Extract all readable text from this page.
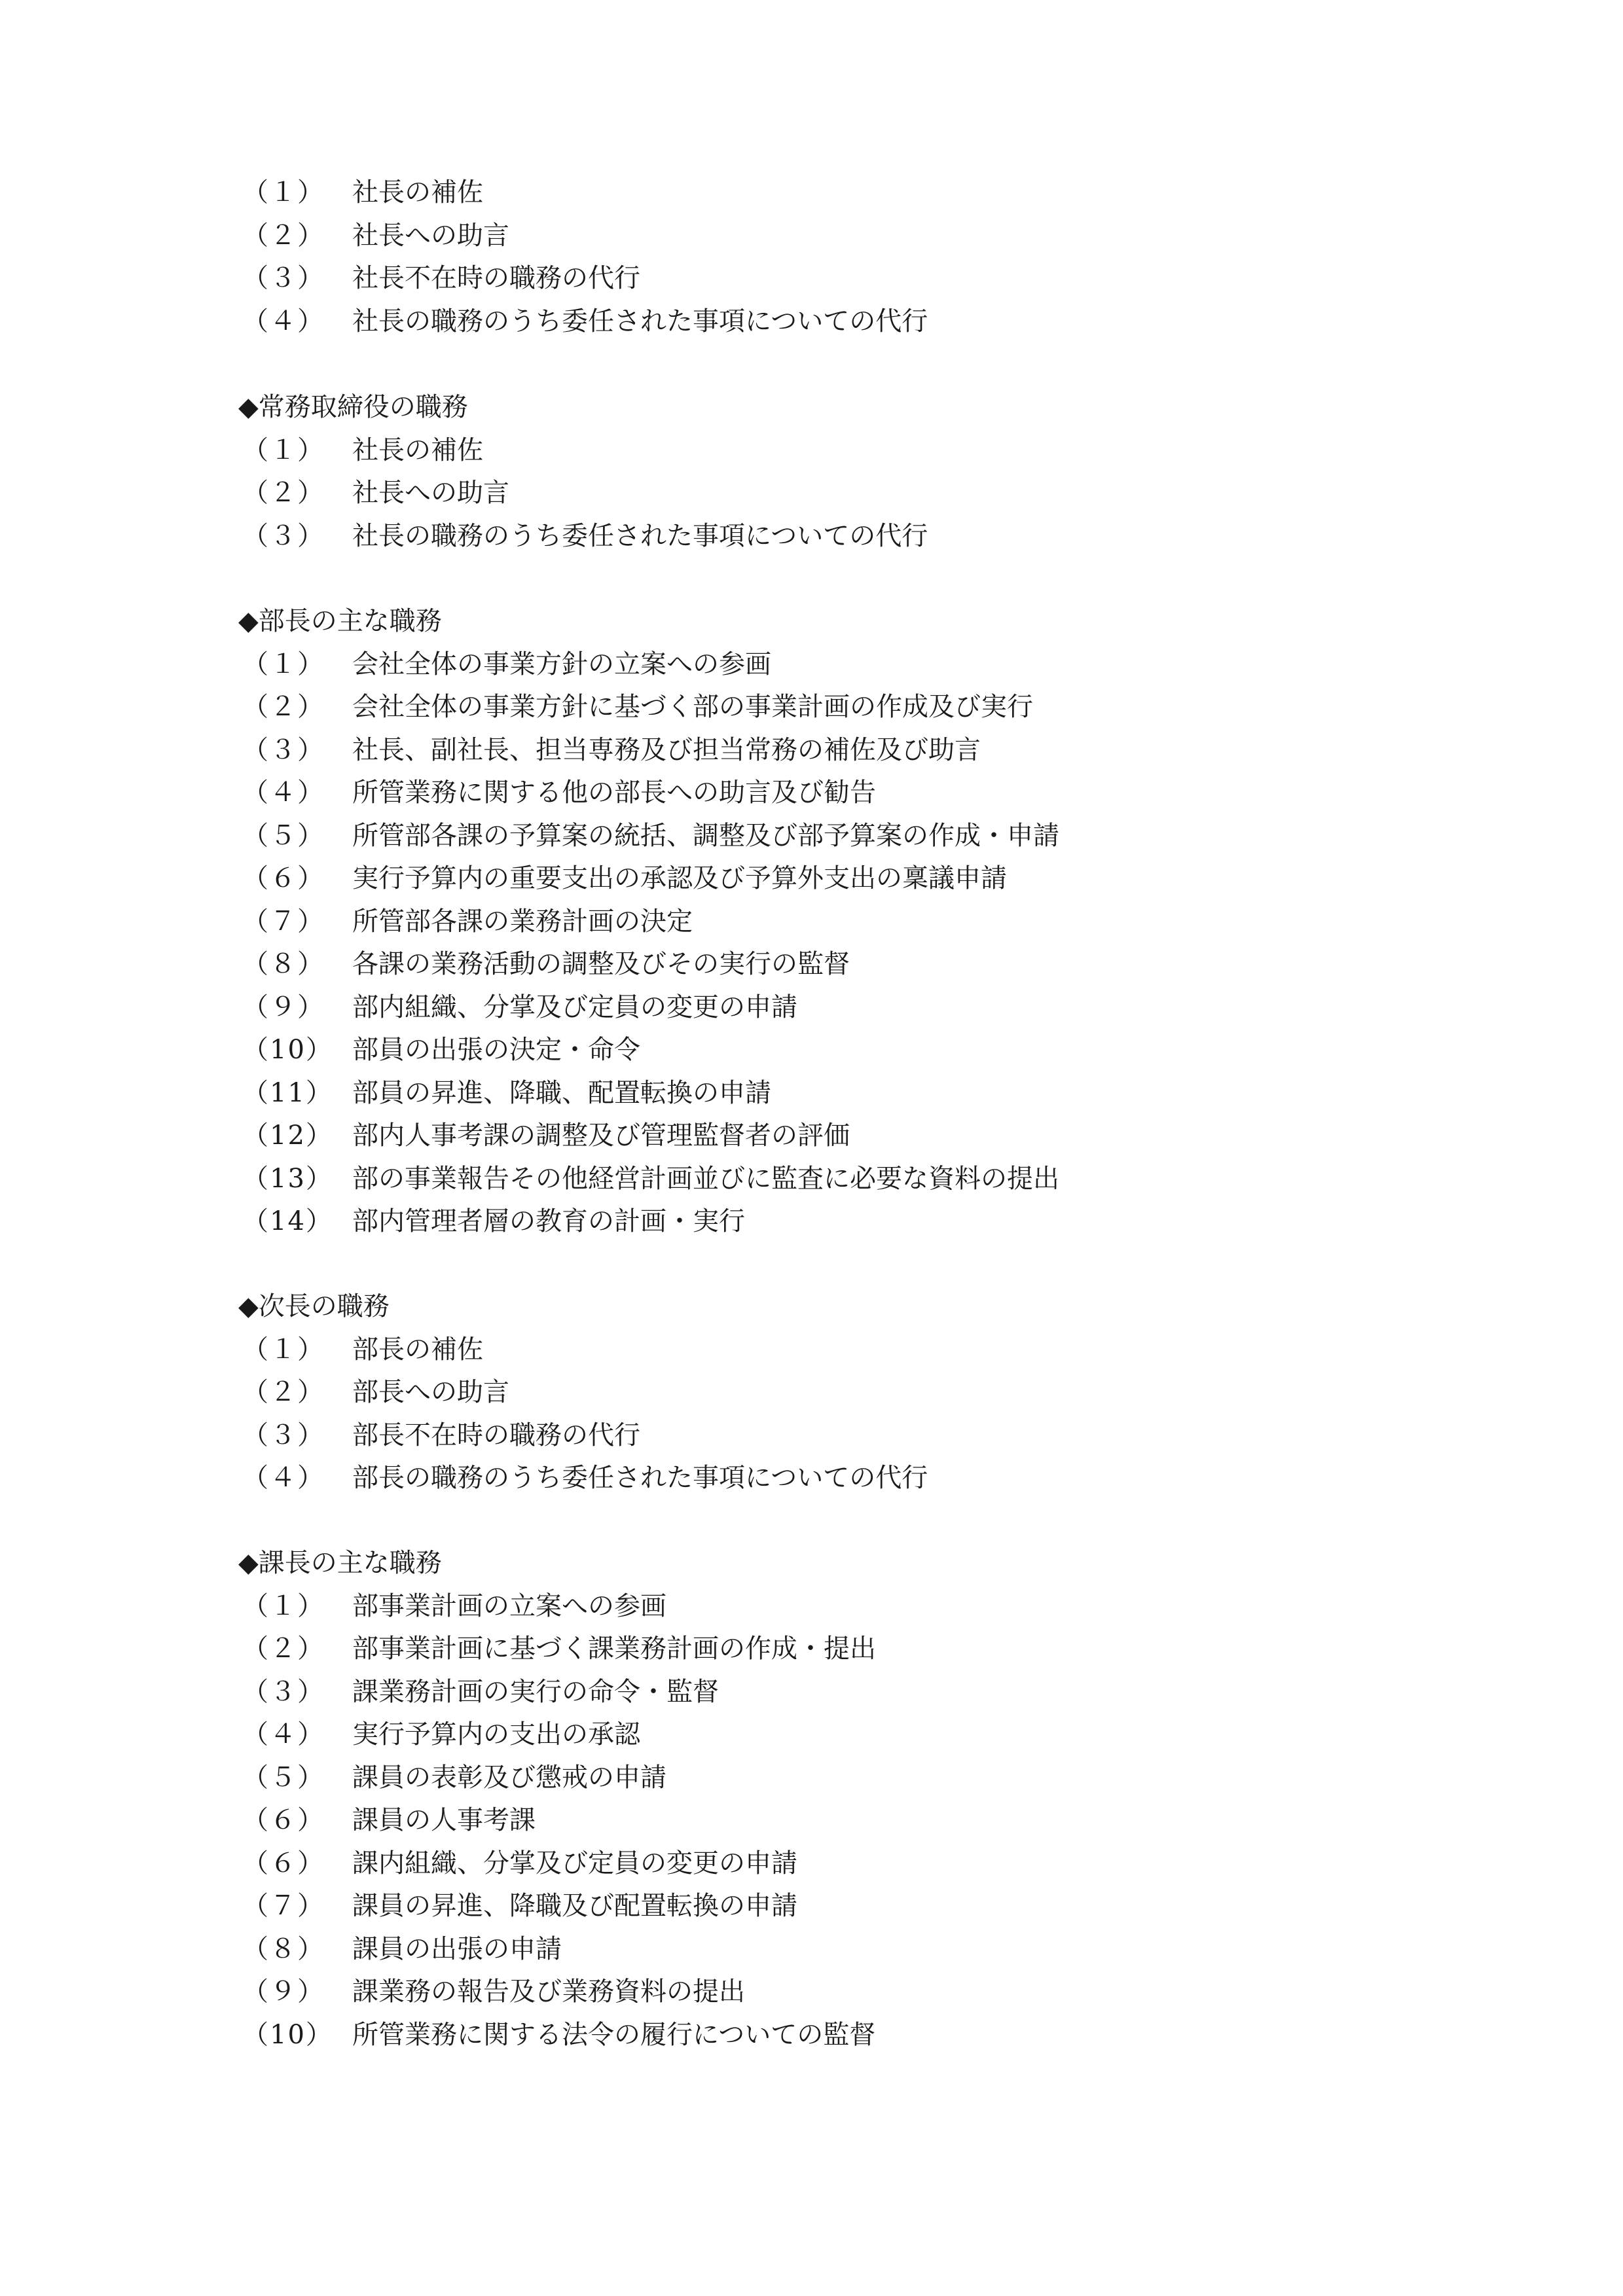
（１） 社長の補佐
（２） 社長への助言
（３） 社長不在時の職務の代行
（４） 社長の職務のうち委任された事項についての代行
◆常務取締役の職務
（１） 社長の補佐
（２） 社長への助言
（３） 社長の職務のうち委任された事項についての代行
◆部長の主な職務
（１） 会社全体の事業方針の立案への参画
（２） 会社全体の事業方針に基づく部の事業計画の作成及び実行
（３） 社長、副社長、担当専務及び担当常務の補佐及び助言
（４） 所管業務に関する他の部長への助言及び勧告
（５） 所管部各課の予算案の統括、調整及び部予算案の作成・申請
（６） 実行予算内の重要支出の承認及び予算外支出の稟議申請
（７） 所管部各課の業務計画の決定
（８） 各課の業務活動の調整及びその実行の監督
（９） 部内組織、分掌及び定員の変更の申請
（10） 部員の出張の決定・命令
（11） 部員の昇進、降職、配置転換の申請
（12） 部内人事考課の調整及び管理監督者の評価
（13） 部の事業報告その他経営計画並びに監査に必要な資料の提出
（14） 部内管理者層の教育の計画・実行
◆次長の職務
（１） 部長の補佐
（２） 部長への助言
（３） 部長不在時の職務の代行
（４） 部長の職務のうち委任された事項についての代行
◆課長の主な職務
（１） 部事業計画の立案への参画
（２） 部事業計画に基づく課業務計画の作成・提出
（３） 課業務計画の実行の命令・監督
（４） 実行予算内の支出の承認
（５） 課員の表彰及び懲戒の申請
（６） 課員の人事考課
（６） 課内組織、分掌及び定員の変更の申請
（７） 課員の昇進、降職及び配置転換の申請
（８） 課員の出張の申請
（９） 課業務の報告及び業務資料の提出
（10） 所管業務に関する法令の履行についての監督
